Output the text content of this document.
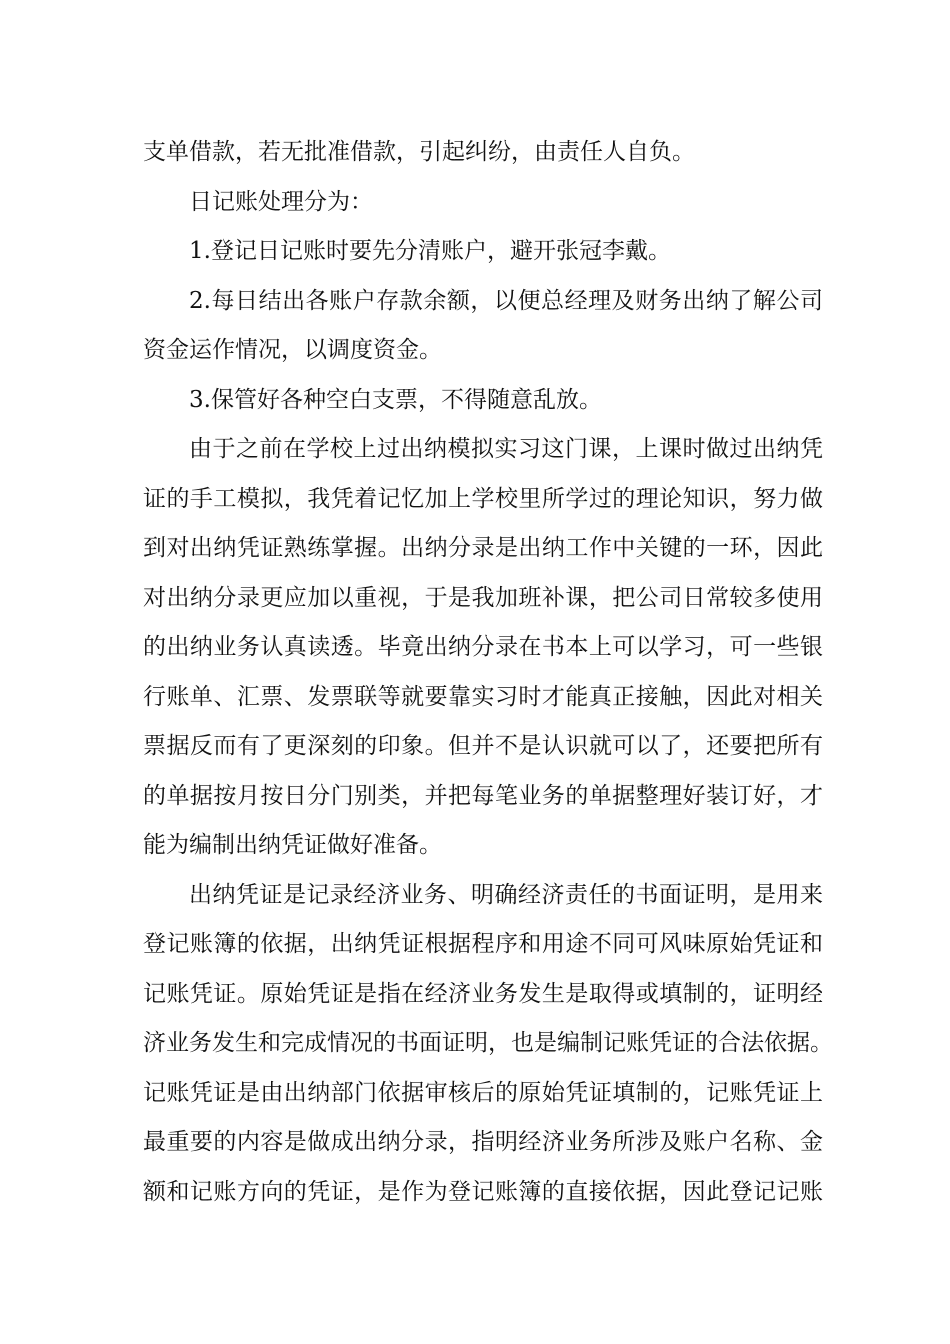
支单借款，若无批准借款，引起纠纷，由责任人自负。
日记账处理分为：
1.登记日记账时要先分清账户，避开张冠李戴。
2.每日结出各账户存款余额，以便总经理及财务出纳了解公司
资金运作情况，以调度资金。
3.保管好各种空白支票，不得随意乱放。
由于之前在学校上过出纳模拟实习这门课，上课时做过出纳凭
证的手工模拟，我凭着记忆加上学校里所学过的理论知识，努力做
到对出纳凭证熟练掌握。出纳分录是出纳工作中关键的一环，因此
对出纳分录更应加以重视，于是我加班补课，把公司日常较多使用
的出纳业务认真读透。毕竟出纳分录在书本上可以学习，可一些银
行账单、汇票、发票联等就要靠实习时才能真正接触，因此对相关
票据反而有了更深刻的印象。但并不是认识就可以了，还要把所有
的单据按月按日分门别类，并把每笔业务的单据整理好装订好，才
能为编制出纳凭证做好准备。
出纳凭证是记录经济业务、明确经济责任的书面证明，是用来
登记账簿的依据，出纳凭证根据程序和用途不同可风味原始凭证和
记账凭证。原始凭证是指在经济业务发生是取得或填制的，证明经
济业务发生和完成情况的书面证明，也是编制记账凭证的合法依据。
记账凭证是由出纳部门依据审核后的原始凭证填制的，记账凭证上
最重要的内容是做成出纳分录，指明经济业务所涉及账户名称、金
额和记账方向的凭证，是作为登记账簿的直接依据，因此登记记账
